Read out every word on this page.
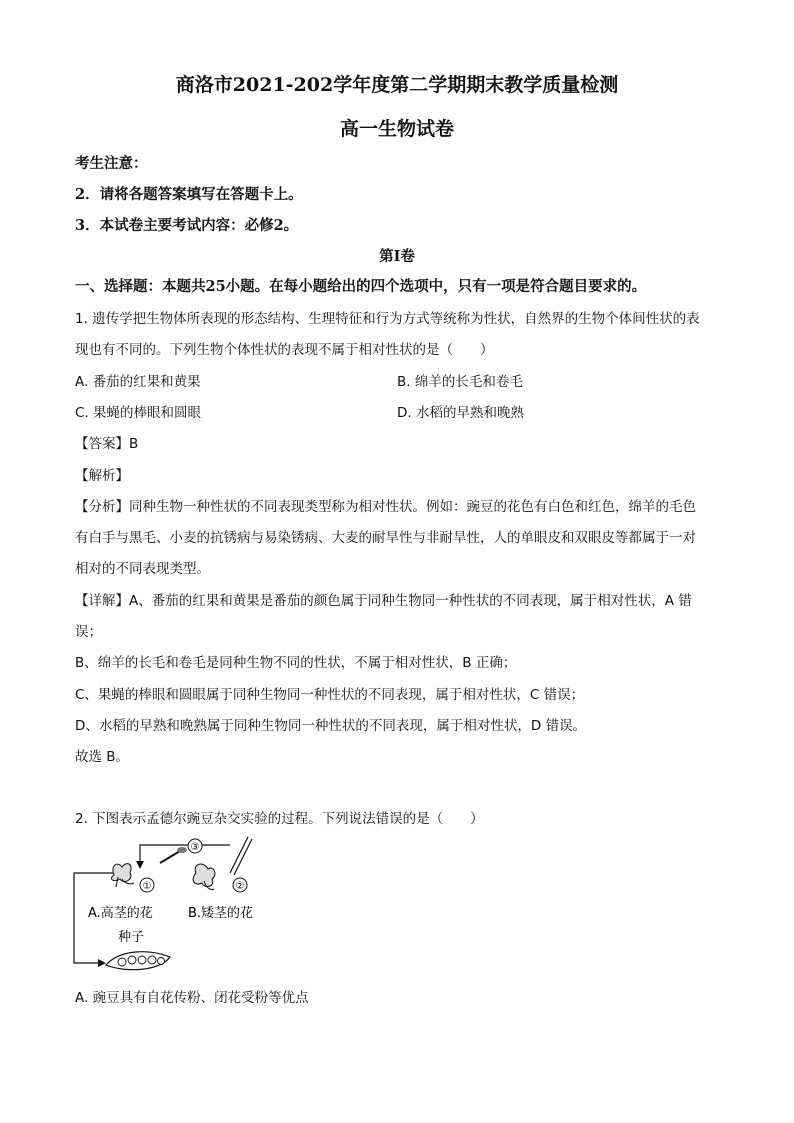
商洛市2021-202学年度第二学期期末教学质量检测
高一生物试卷
考生注意：
2．请将各题答案填写在答题卡上。
3．本试卷主要考试内容：必修2。
第Ⅰ卷
一、选择题：本题共25小题。在每小题给出的四个选项中，只有一项是符合题目要求的。
1. 遗传学把生物体所表现的形态结构、生理特征和行为方式等统称为性状，自然界的生物个体间性状的表
现也有不同的。下列生物个体性状的表现不属于相对性状的是（　　）
A. 番茄的红果和黄果	B. 绵羊的长毛和卷毛
C. 果蝇的棒眼和圆眼	D. 水稻的早熟和晚熟
【答案】B
【解析】
【分析】同种生物一种性状的不同表现类型称为相对性状。例如：豌豆的花色有白色和红色，绵羊的毛色
有白手与黑毛、小麦的抗锈病与易染锈病、大麦的耐旱性与非耐旱性，人的单眼皮和双眼皮等都属于一对
相对的不同表现类型。
【详解】A、番茄的红果和黄果是番茄的颜色属于同种生物同一种性状的不同表现，属于相对性状，A 错
误；
B、绵羊的长毛和卷毛是同种生物不同的性状，不属于相对性状，B 正确；
C、果蝇的棒眼和圆眼属于同种生物同一种性状的不同表现，属于相对性状，C 错误；
D、水稻的早熟和晚熟属于同种生物同一种性状的不同表现，属于相对性状，D 错误。
故选 B。
2. 下图表示孟德尔豌豆杂交实验的过程。下列说法错误的是（　　）
③
①	②
A.高茎的花	B.矮茎的花
种子
A. 豌豆具有自花传粉、闭花受粉等优点
